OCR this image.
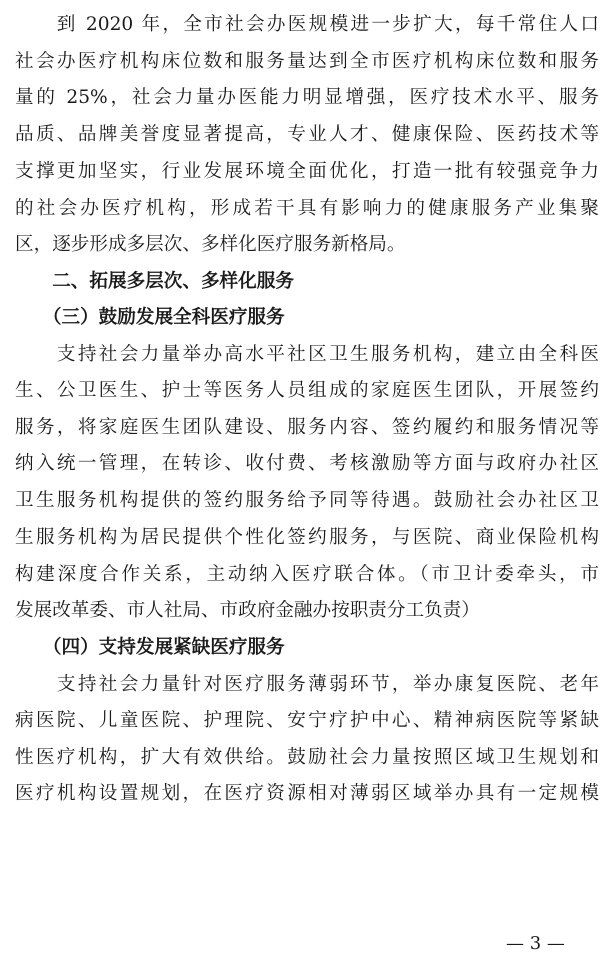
　　到 2020 年，全市社会办医规模进一步扩大，每千常住人口
社会办医疗机构床位数和服务量达到全市医疗机构床位数和服务
量的 25%，社会力量办医能力明显增强，医疗技术水平、服务
品质、品牌美誉度显著提高，专业人才、健康保险、医药技术等
支撑更加坚实，行业发展环境全面优化，打造一批有较强竞争力
的社会办医疗机构，形成若干具有影响力的健康服务产业集聚
区，逐步形成多层次、多样化医疗服务新格局。
　　二、拓展多层次、多样化服务
　　（三）鼓励发展全科医疗服务
　　支持社会力量举办高水平社区卫生服务机构，建立由全科医
生、公卫医生、护士等医务人员组成的家庭医生团队，开展签约
服务，将家庭医生团队建设、服务内容、签约履约和服务情况等
纳入统一管理，在转诊、收付费、考核激励等方面与政府办社区
卫生服务机构提供的签约服务给予同等待遇。鼓励社会办社区卫
生服务机构为居民提供个性化签约服务，与医院、商业保险机构
构建深度合作关系，主动纳入医疗联合体。（市卫计委牵头，市
发展改革委、市人社局、市政府金融办按职责分工负责）
　　（四）支持发展紧缺医疗服务
　　支持社会力量针对医疗服务薄弱环节，举办康复医院、老年
病医院、儿童医院、护理院、安宁疗护中心、精神病医院等紧缺
性医疗机构，扩大有效供给。鼓励社会力量按照区域卫生规划和
医疗机构设置规划，在医疗资源相对薄弱区域举办具有一定规模
— 3 —
